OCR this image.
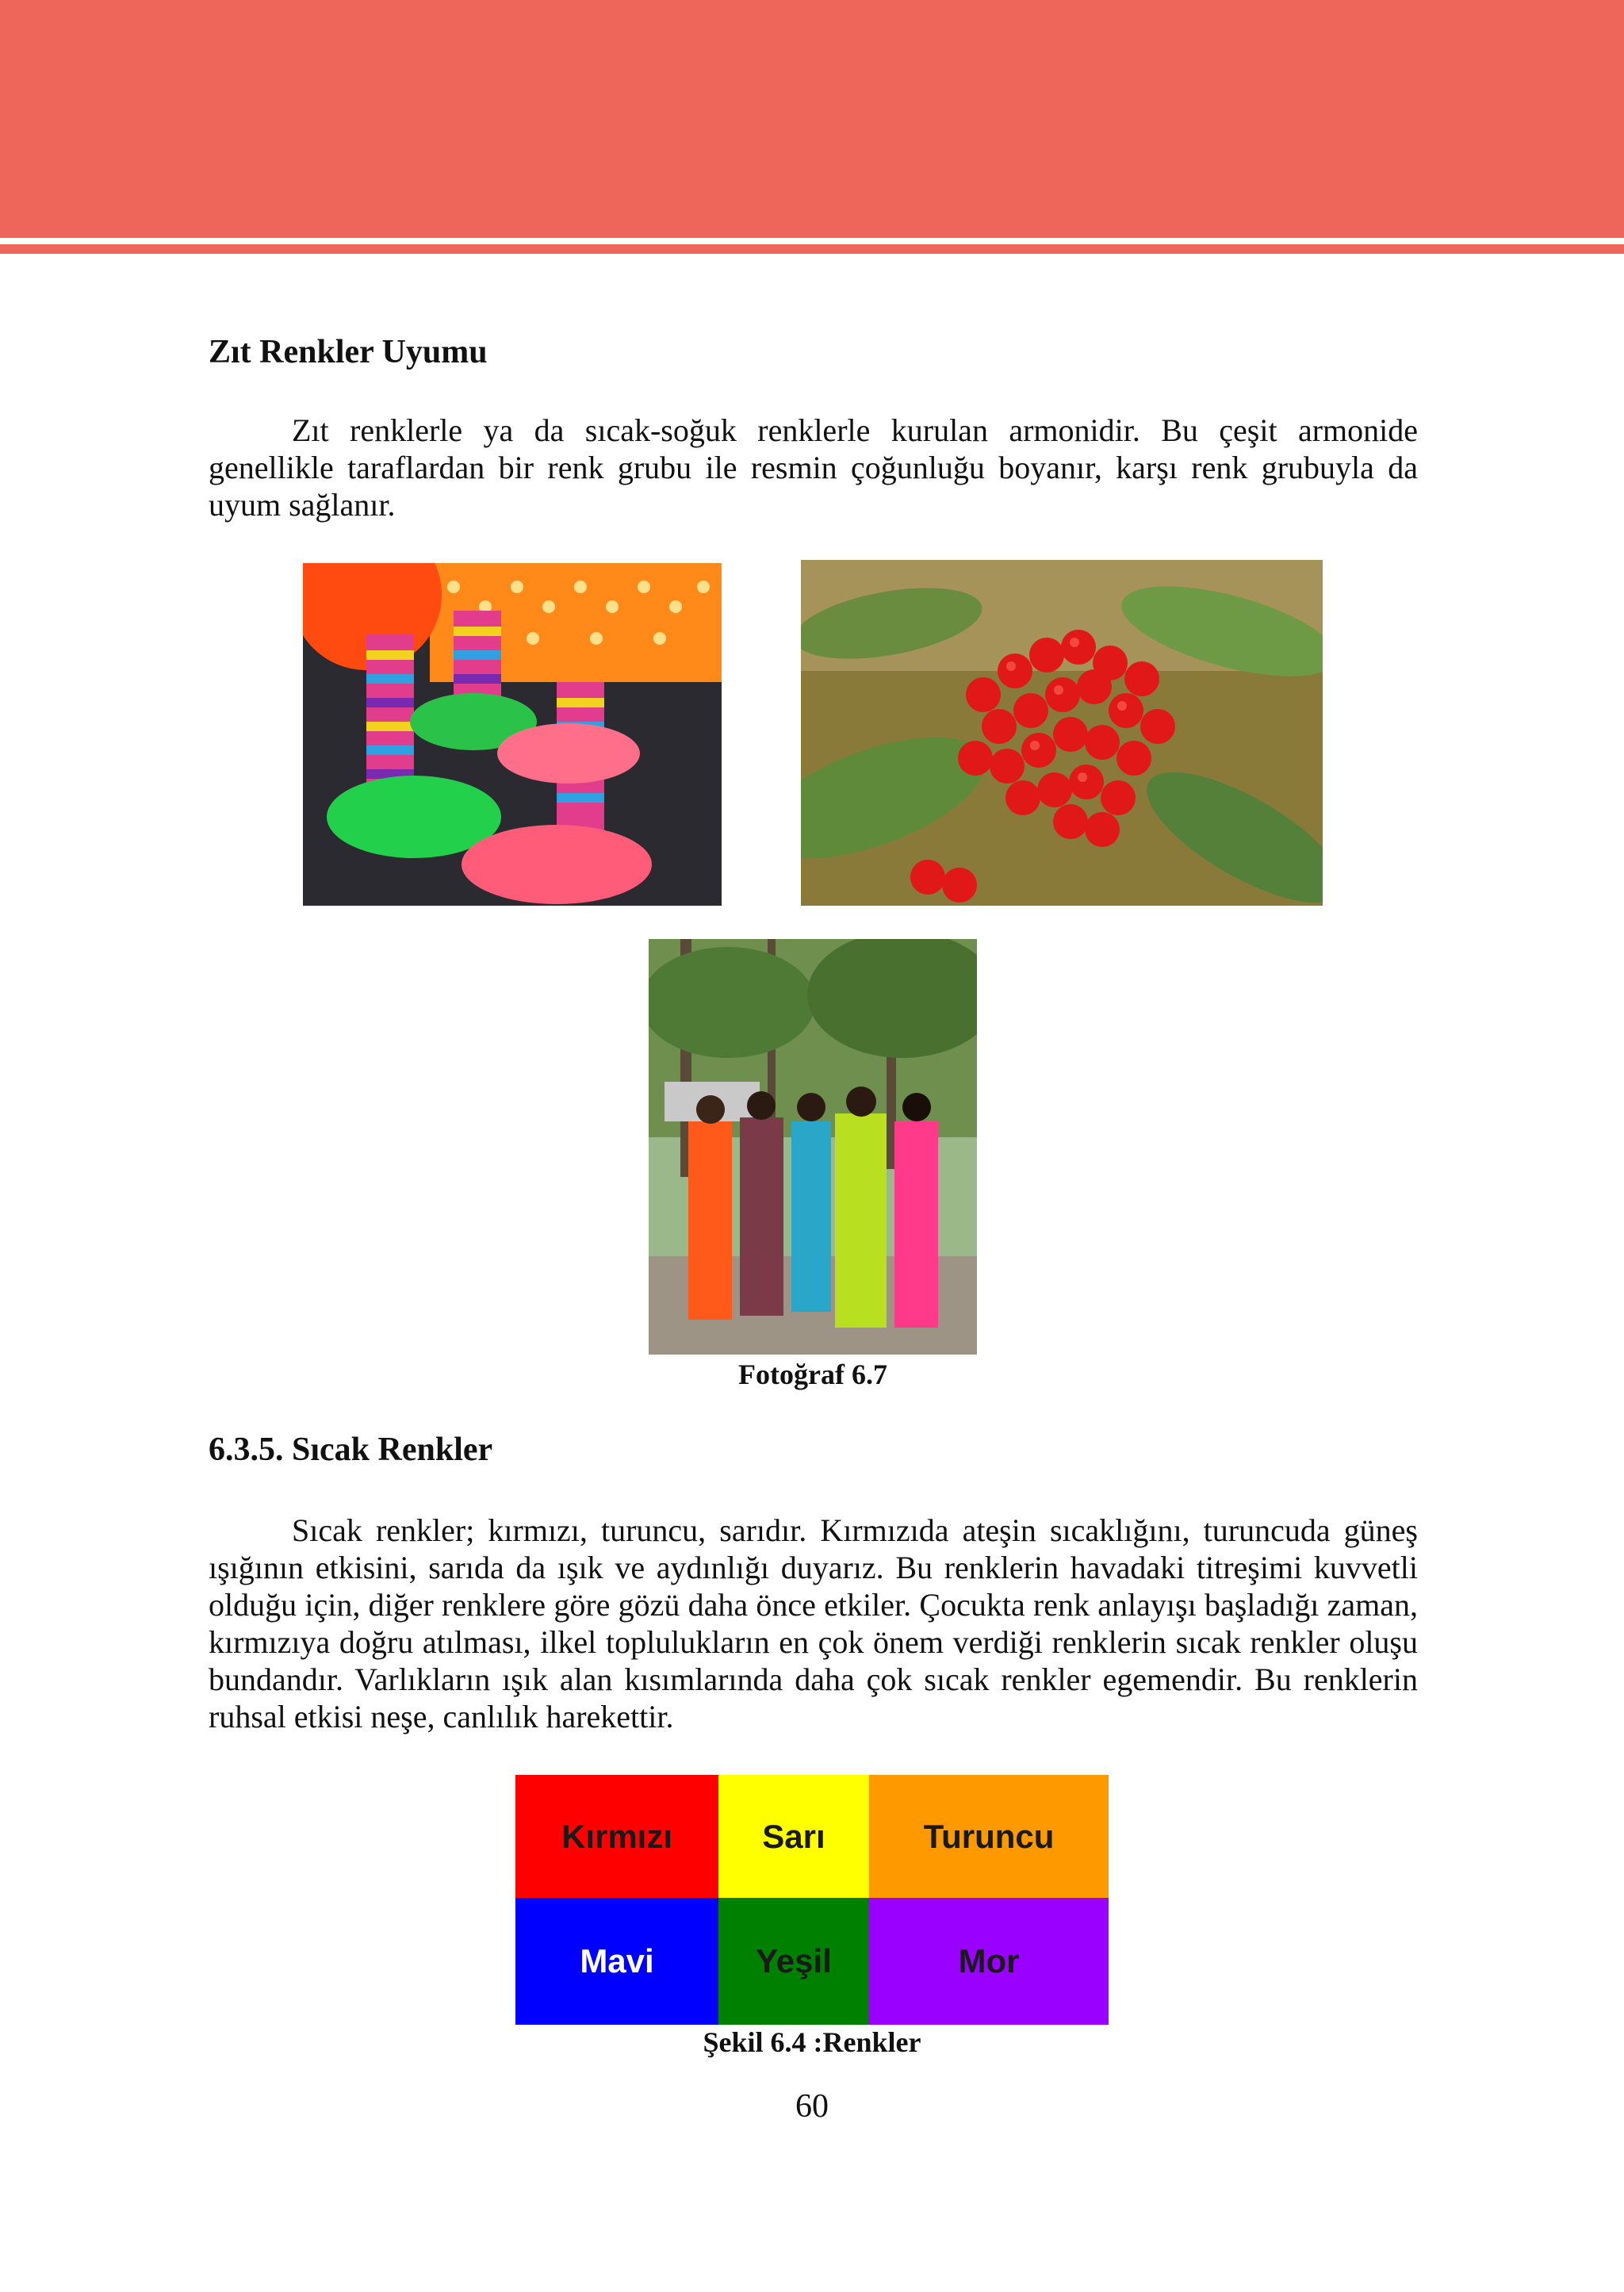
Zıt Renkler Uyumu

Zıt renklerle ya da sıcak-soğuk renklerle kurulan armonidir. Bu çeşit armonide genellikle taraflardan bir renk grubu ile resmin çoğunluğu boyanır, karşı renk grubuyla da uyum sağlanır.

Fotoğraf 6.7

6.3.5. Sıcak Renkler

Sıcak renkler; kırmızı, turuncu, sarıdır. Kırmızıda ateşin sıcaklığını, turuncuda güneş ışığının etkisini, sarıda da ışık ve aydınlığı duyarız. Bu renklerin havadaki titreşimi kuvvetli olduğu için, diğer renklere göre gözü daha önce etkiler. Çocukta renk anlayışı başladığı zaman, kırmızıya doğru atılması, ilkel toplulukların en çok önem verdiği renklerin sıcak renkler oluşu bundandır. Varlıkların ışık alan kısımlarında daha çok sıcak renkler egemendir. Bu renklerin ruhsal etkisi neşe, canlılık harekettir.

Kırmızı	Sarı	Turuncu
Mavi	Yeşil	Mor

Şekil 6.4 :Renkler

60
